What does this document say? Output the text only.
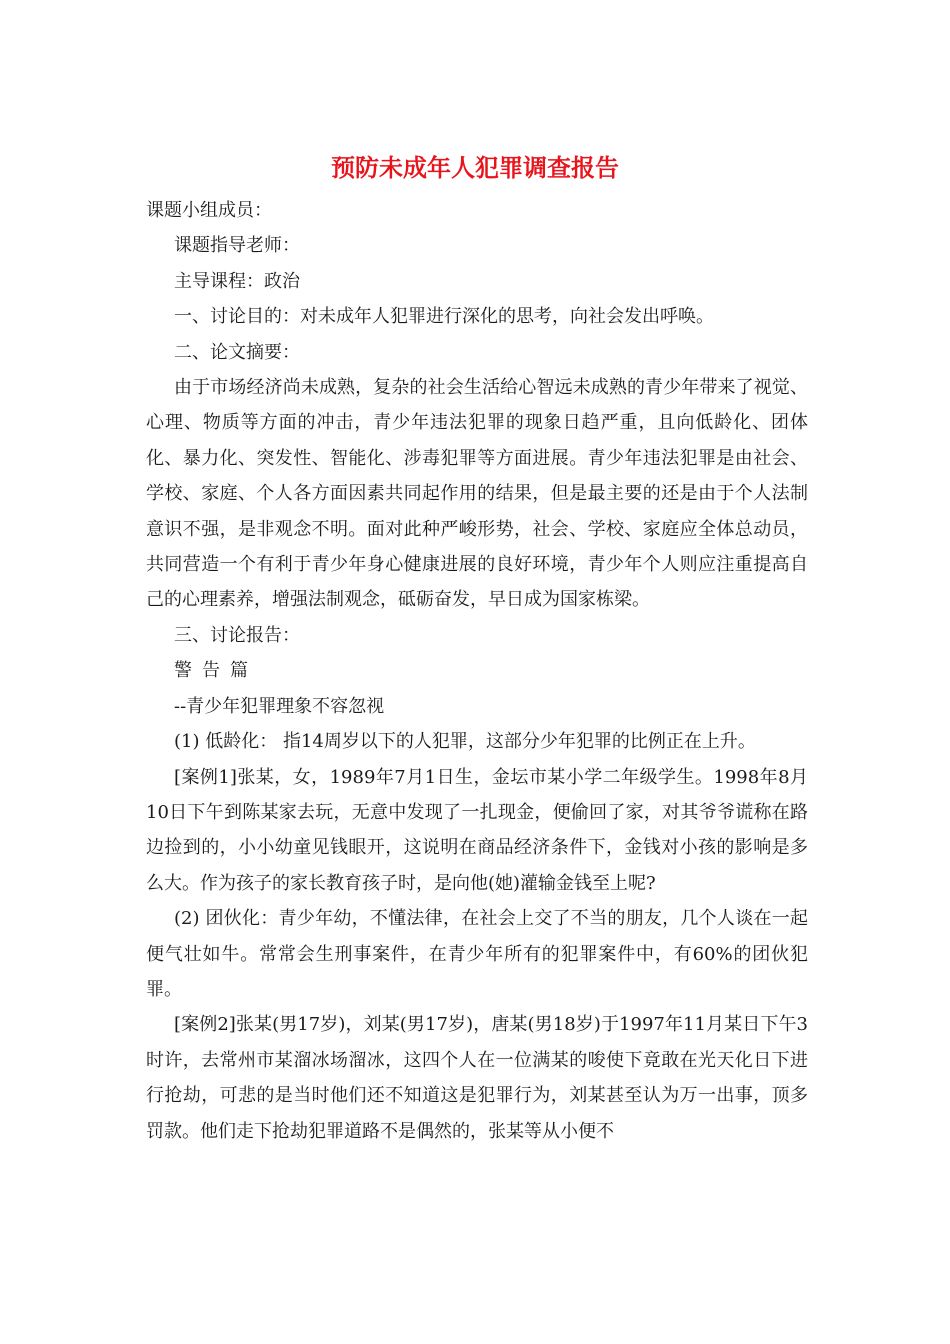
预防未成年人犯罪调查报告

课题小组成员：

课题指导老师：

主导课程：政治

一、讨论目的：对未成年人犯罪进行深化的思考，向社会发出呼唤。

二、论文摘要：

由于市场经济尚未成熟，复杂的社会生活给心智远未成熟的青少年带来了视觉、心理、物质等方面的冲击，青少年违法犯罪的现象日趋严重，且向低龄化、团体化、暴力化、突发性、智能化、涉毒犯罪等方面进展。青少年违法犯罪是由社会、学校、家庭、个人各方面因素共同起作用的结果，但是最主要的还是由于个人法制意识不强，是非观念不明。面对此种严峻形势，社会、学校、家庭应全体总动员，共同营造一个有利于青少年身心健康进展的良好环境，青少年个人则应注重提高自己的心理素养，增强法制观念，砥砺奋发，早日成为国家栋梁。

三、讨论报告：

警告篇

--青少年犯罪理象不容忽视

(1) 低龄化： 指14周岁以下的人犯罪，这部分少年犯罪的比例正在上升。

[案例1]张某，女，1989年7月1日生，金坛市某小学二年级学生。1998年8月10日下午到陈某家去玩，无意中发现了一扎现金，便偷回了家，对其爷爷谎称在路边捡到的，小小幼童见钱眼开，这说明在商品经济条件下，金钱对小孩的影响是多么大。作为孩子的家长教育孩子时，是向他(她)灌输金钱至上呢?

(2) 团伙化：青少年幼，不懂法律，在社会上交了不当的朋友，几个人谈在一起便气壮如牛。常常会生刑事案件，在青少年所有的犯罪案件中，有60%的团伙犯罪。

[案例2]张某(男17岁)，刘某(男17岁)，唐某(男18岁)于1997年11月某日下午3时许，去常州市某溜冰场溜冰，这四个人在一位满某的唆使下竟敢在光天化日下进行抢劫，可悲的是当时他们还不知道这是犯罪行为，刘某甚至认为万一出事，顶多罚款。他们走下抢劫犯罪道路不是偶然的，张某等从小便不
